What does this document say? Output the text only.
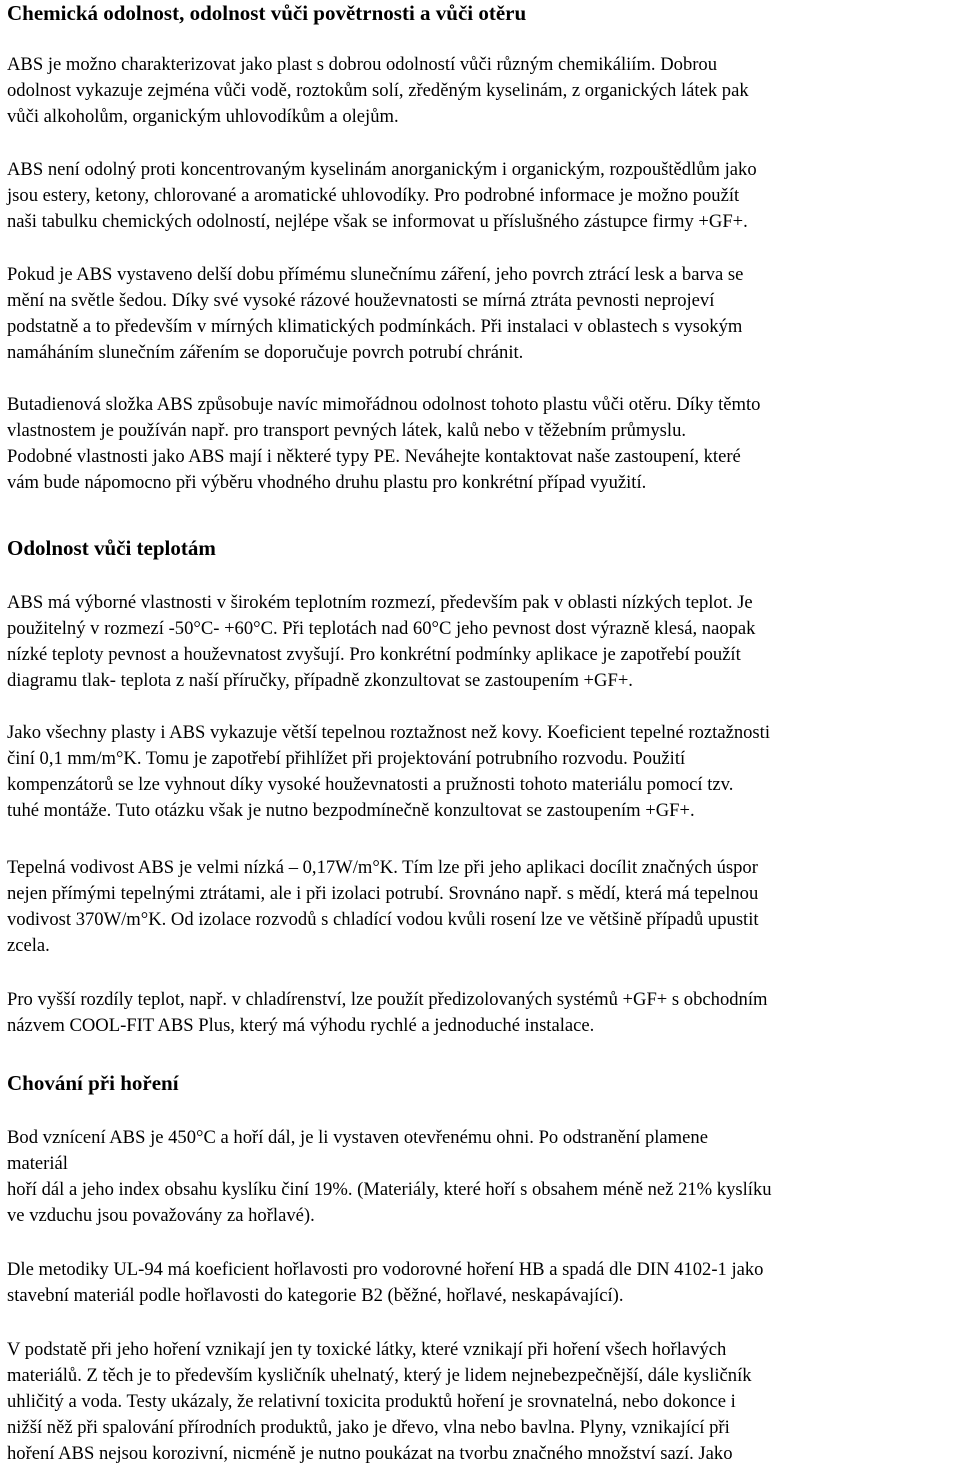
Chemická odolnost, odolnost vůči povětrnosti a vůči otěru

ABS je možno charakterizovat jako plast s dobrou odolností vůči různým chemikáliím. Dobrou
odolnost vykazuje zejména vůči vodě, roztokům solí, zředěným kyselinám, z organických látek pak
vůči alkoholům, organickým uhlovodíkům a olejům.

ABS není odolný proti koncentrovaným kyselinám anorganickým i organickým, rozpouštědlům jako
jsou estery, ketony, chlorované a aromatické uhlovodíky. Pro podrobné informace je možno použít
naši tabulku chemických odolností, nejlépe však se informovat u příslušného zástupce firmy +GF+.

Pokud je ABS vystaveno delší dobu přímému slunečnímu záření, jeho povrch ztrácí lesk a barva se
mění na světle šedou. Díky své vysoké rázové houževnatosti se mírná ztráta pevnosti neprojeví
podstatně a to především v mírných klimatických podmínkách. Při instalaci v oblastech s vysokým
namáháním slunečním zářením se doporučuje povrch potrubí chránit.

Butadienová složka ABS způsobuje navíc mimořádnou odolnost tohoto plastu vůči otěru. Díky těmto
vlastnostem je používán např. pro transport pevných látek, kalů nebo v těžebním průmyslu.
Podobné vlastnosti jako ABS mají i některé typy PE. Neváhejte kontaktovat naše zastoupení, které
vám bude nápomocno při výběru vhodného druhu plastu pro konkrétní případ využití.

Odolnost vůči teplotám

ABS má výborné vlastnosti v širokém teplotním rozmezí, především pak v oblasti nízkých teplot. Je
použitelný v rozmezí -50°C- +60°C. Při teplotách nad 60°C jeho pevnost dost výrazně klesá, naopak
nízké teploty pevnost a houževnatost zvyšují. Pro konkrétní podmínky aplikace je zapotřebí použít
diagramu tlak- teplota z naší příručky, případně zkonzultovat se zastoupením +GF+.

Jako všechny plasty i ABS vykazuje větší tepelnou roztažnost než kovy. Koeficient tepelné roztažnosti
činí 0,1 mm/m°K. Tomu je zapotřebí přihlížet při projektování potrubního rozvodu. Použití
kompenzátorů se lze vyhnout díky vysoké houževnatosti a pružnosti tohoto materiálu pomocí tzv.
tuhé montáže. Tuto otázku však je nutno bezpodmínečně konzultovat se zastoupením +GF+.

Tepelná vodivost ABS je velmi nízká – 0,17W/m°K. Tím lze při jeho aplikaci docílit značných úspor
nejen přímými tepelnými ztrátami, ale i při izolaci potrubí. Srovnáno např. s mědí, která má tepelnou
vodivost 370W/m°K. Od izolace rozvodů s chladící vodou kvůli rosení lze ve většině případů upustit
zcela.

Pro vyšší rozdíly teplot, např. v chladírenství, lze použít předizolovaných systémů +GF+ s obchodním
názvem COOL-FIT ABS Plus, který má výhodu rychlé a jednoduché instalace.

Chování při hoření

Bod vznícení ABS je 450°C a hoří dál, je li vystaven otevřenému ohni. Po odstranění plamene
materiál
hoří dál a jeho index obsahu kyslíku činí 19%. (Materiály, které hoří s obsahem méně než 21% kyslíku
ve vzduchu jsou považovány za hořlavé).

Dle metodiky UL-94 má koeficient hořlavosti pro vodorovné hoření HB a spadá dle DIN 4102-1 jako
stavební materiál podle hořlavosti do kategorie B2 (běžné, hořlavé, neskapávající).

V podstatě při jeho hoření vznikají jen ty toxické látky, které vznikají při hoření všech hořlavých
materiálů. Z těch je to především kysličník uhelnatý, který je lidem nejnebezpečnější, dále kysličník
uhličitý a voda. Testy ukázaly, že relativní toxicita produktů hoření je srovnatelná, nebo dokonce i
nižší něž při spalování přírodních produktů, jako je dřevo, vlna nebo bavlna. Plyny, vznikající při
hoření ABS nejsou korozivní, nicméně je nutno poukázat na tvorbu značného množství sazí. Jako
